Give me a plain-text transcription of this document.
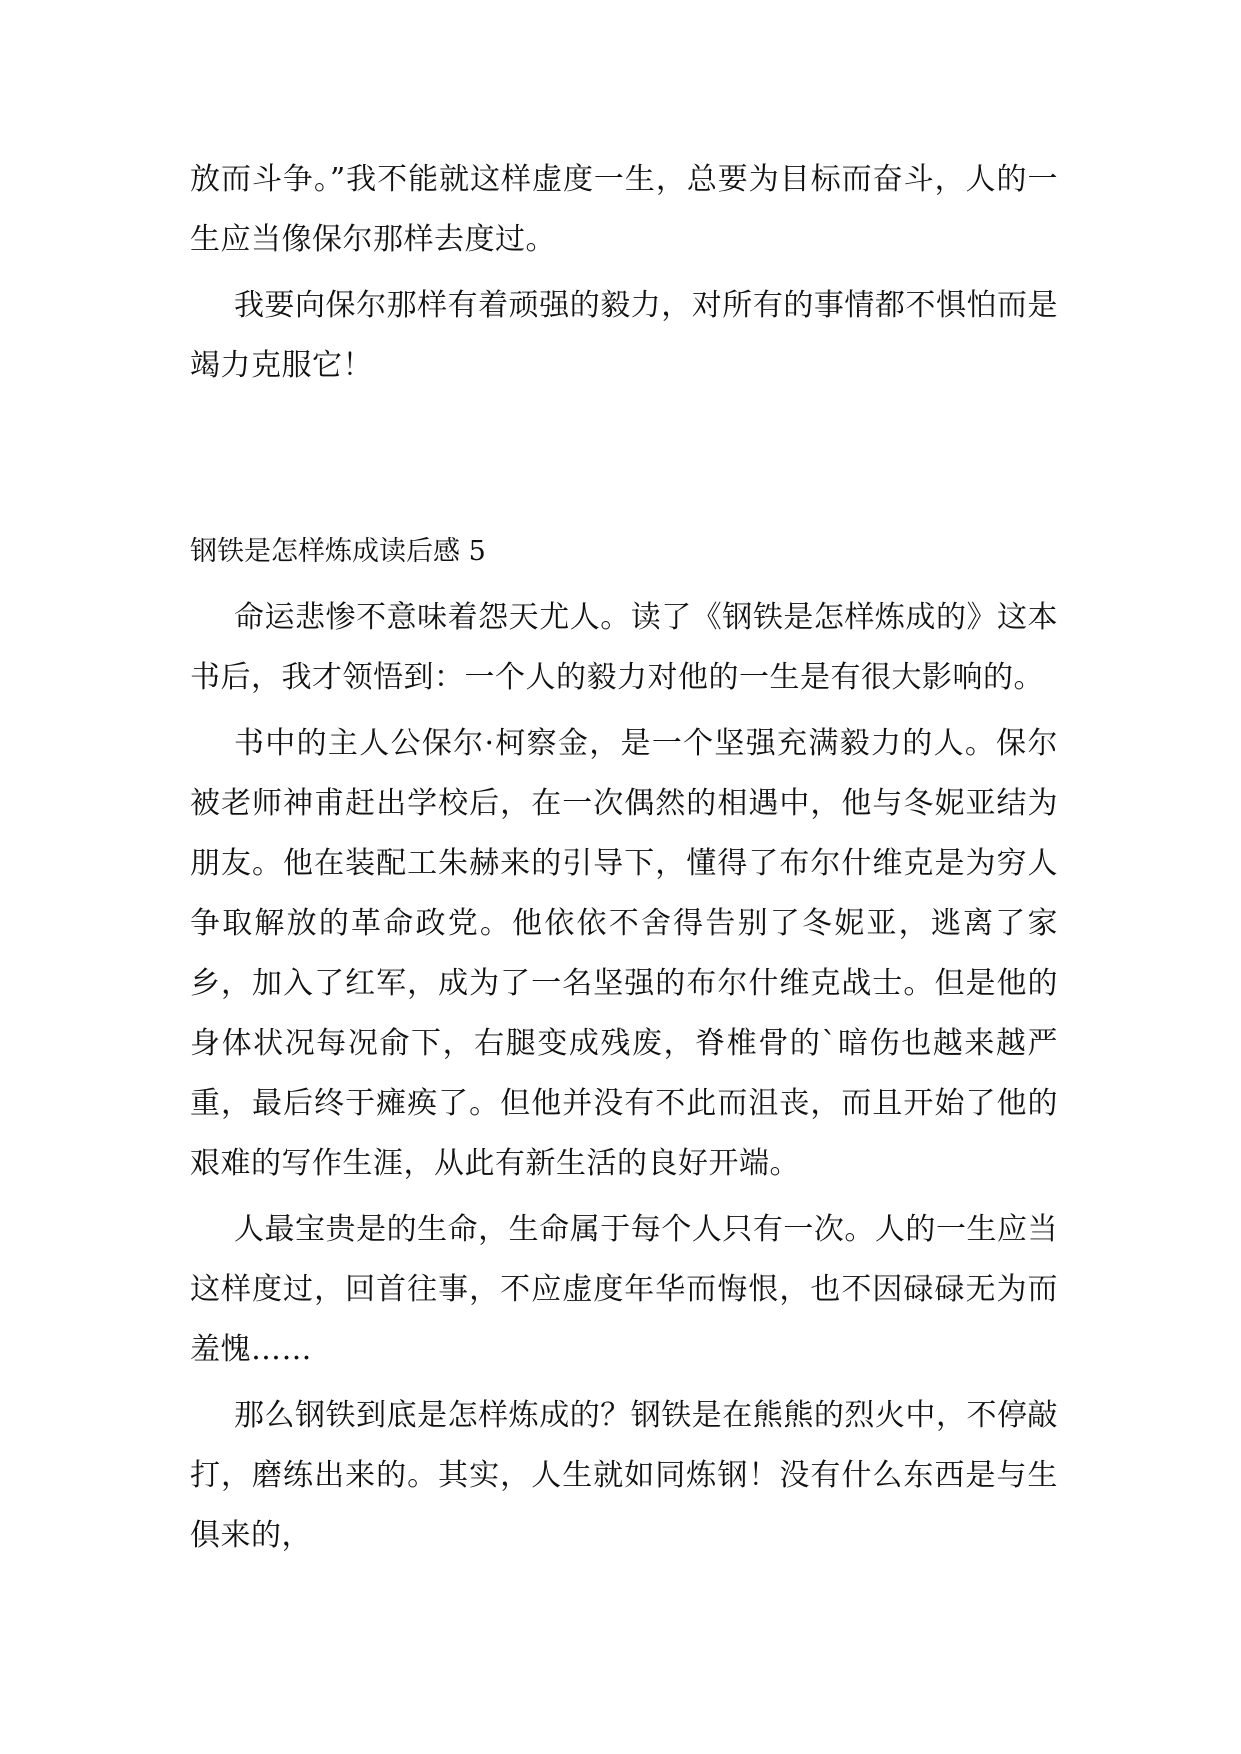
放而斗争。”我不能就这样虚度一生，总要为目标而奋斗，人的一生应当像保尔那样去度过。

我要向保尔那样有着顽强的毅力，对所有的事情都不惧怕而是竭力克服它！

钢铁是怎样炼成读后感 5

命运悲惨不意味着怨天尤人。读了《钢铁是怎样炼成的》这本书后，我才领悟到：一个人的毅力对他的一生是有很大影响的。

书中的主人公保尔·柯察金，是一个坚强充满毅力的人。保尔被老师神甫赶出学校后，在一次偶然的相遇中，他与冬妮亚结为朋友。他在装配工朱赫来的引导下，懂得了布尔什维克是为穷人争取解放的革命政党。他依依不舍得告别了冬妮亚，逃离了家乡，加入了红军，成为了一名坚强的布尔什维克战士。但是他的身体状况每况俞下，右腿变成残废，脊椎骨的`暗伤也越来越严重，最后终于瘫痪了。但他并没有不此而沮丧，而且开始了他的艰难的写作生涯，从此有新生活的良好开端。

人最宝贵是的生命，生命属于每个人只有一次。人的一生应当这样度过，回首往事，不应虚度年华而悔恨，也不因碌碌无为而羞愧……

那么钢铁到底是怎样炼成的？钢铁是在熊熊的烈火中，不停敲打，磨练出来的。其实，人生就如同炼钢！没有什么东西是与生俱来的，
